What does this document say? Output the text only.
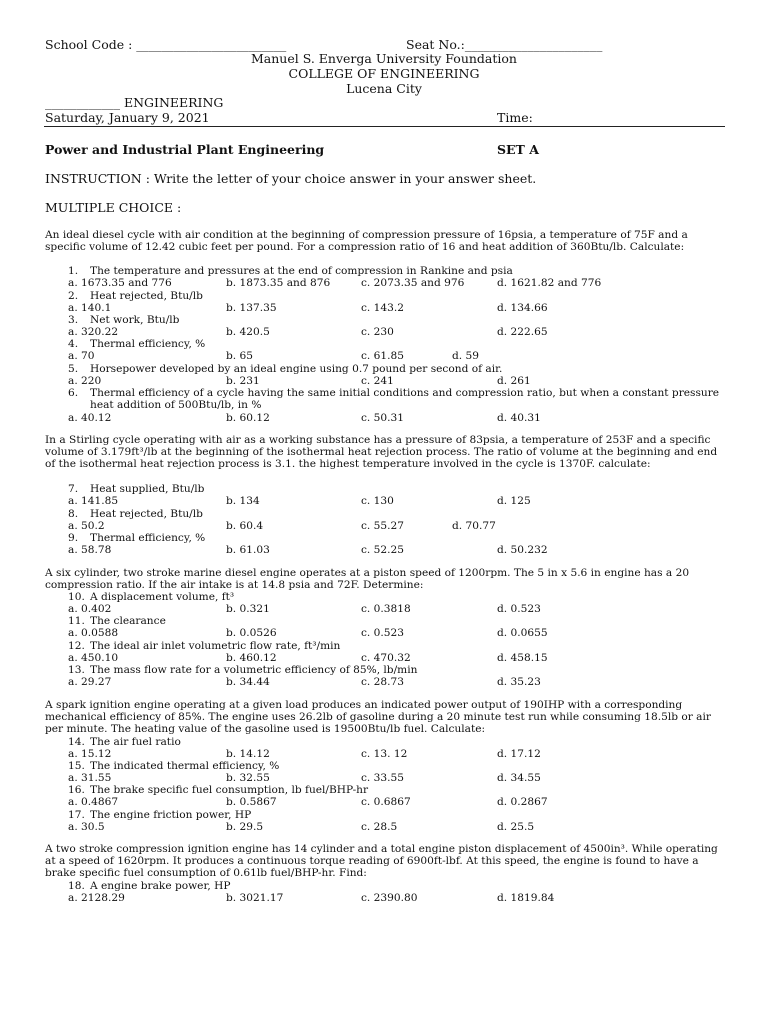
School Code : ________________________	Seat No.:______________________
Manuel S. Enverga University Foundation
COLLEGE OF ENGINEERING
Lucena City
____________ ENGINEERING
Saturday, January 9, 2021	Time:
Power and Industrial Plant Engineering	SET A
INSTRUCTION : Write the letter of your choice answer in your answer sheet.
MULTIPLE CHOICE :
An ideal diesel cycle with air condition at the beginning of compression pressure of 16psia, a temperature of 75F and a specific volume of 12.42 cubic feet per pound. For a compression ratio of 16 and heat addition of 360Btu/lb. Calculate:
1. The temperature and pressures at the end of compression in Rankine and psia
a. 1673.35 and 776	b. 1873.35 and 876	c. 2073.35 and 976	d. 1621.82 and 776
2. Heat rejected, Btu/lb
a. 140.1	b. 137.35	c. 143.2	d. 134.66
3. Net work, Btu/lb
a. 320.22	b. 420.5	c. 230	d. 222.65
4. Thermal efficiency, %
a. 70	b. 65	c. 61.85	d. 59
5. Horsepower developed by an ideal engine using 0.7 pound per second of air.
a. 220	b. 231	c. 241	d. 261
6. Thermal efficiency of a cycle having the same initial conditions and compression ratio, but when a constant pressure heat addition of 500Btu/lb, in %
a. 40.12	b. 60.12	c. 50.31	d. 40.31
In a Stirling cycle operating with air as a working substance has a pressure of 83psia, a temperature of 253F and a specific volume of 3.179ft³/lb at the beginning of the isothermal heat rejection process. The ratio of volume at the beginning and end of the isothermal heat rejection process is 3.1. the highest temperature involved in the cycle is 1370F. calculate:
7. Heat supplied, Btu/lb
a. 141.85	b. 134	c. 130	d. 125
8. Heat rejected, Btu/lb
a. 50.2	b. 60.4	c. 55.27	d. 70.77
9. Thermal efficiency, %
a. 58.78	b. 61.03	c. 52.25	d. 50.232
A six cylinder, two stroke marine diesel engine operates at a piston speed of 1200rpm. The 5 in x 5.6 in engine has a 20 compression ratio. If the air intake is at 14.8 psia and 72F. Determine:
10. A displacement volume, ft³
a. 0.402	b. 0.321	c. 0.3818	d. 0.523
11. The clearance
a. 0.0588	b. 0.0526	c. 0.523	d. 0.0655
12. The ideal air inlet volumetric flow rate, ft³/min
a. 450.10	b. 460.12	c. 470.32	d. 458.15
13. The mass flow rate for a volumetric efficiency of 85%, lb/min
a. 29.27	b. 34.44	c. 28.73	d. 35.23
A spark ignition engine operating at a given load produces an indicated power output of 190IHP with a corresponding mechanical efficiency of 85%. The engine uses 26.2lb of gasoline during a 20 minute test run while consuming 18.5lb or air per minute. The heating value of the gasoline used is 19500Btu/lb fuel. Calculate:
14. The air fuel ratio
a. 15.12	b. 14.12	c. 13. 12	d. 17.12
15. The indicated thermal efficiency, %
a. 31.55	b. 32.55	c. 33.55	d. 34.55
16. The brake specific fuel consumption, lb fuel/BHP-hr
a. 0.4867	b. 0.5867	c. 0.6867	d. 0.2867
17. The engine friction power, HP
a. 30.5	b. 29.5	c. 28.5	d. 25.5
A two stroke compression ignition engine has 14 cylinder and a total engine piston displacement of 4500in³. While operating at a speed of 1620rpm. It produces a continuous torque reading of 6900ft-lbf. At this speed, the engine is found to have a brake specific fuel consumption of 0.61lb fuel/BHP-hr. Find:
18. A engine brake power, HP
a. 2128.29	b. 3021.17	c. 2390.80	d. 1819.84
